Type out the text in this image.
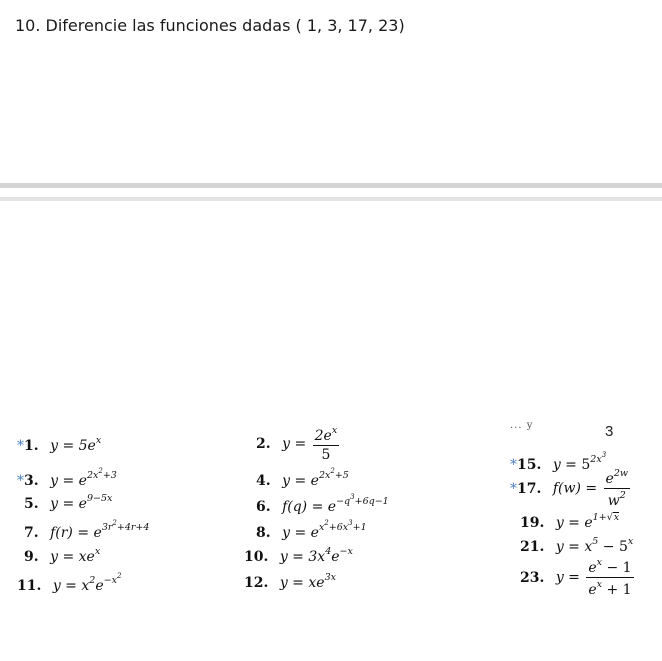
10. Diferencie las funciones dadas ( 1, 3, 17, 23)
... y	3
*1. y = 5ex	2. $y = \frac{2ex}{5}$
*3. y = e2x2+3	4. y = e2x2+5
5. y = e9−5x
6. f(q) = e−q3+6q−1
7. f(r) = e3r2+4r+4	8. y = ex2+6x3+1
9. y = xex	10. y = 3x4e−x
11. y = x2e−x2	12. y = xe3x
*15. y = 52x3
*17. $f(w) = \frac{e2w}{w2}$
19. y = e1+√x
21. y = x5 − 5x
23. $y = \frac{ex - 1}{ex + 1}$
